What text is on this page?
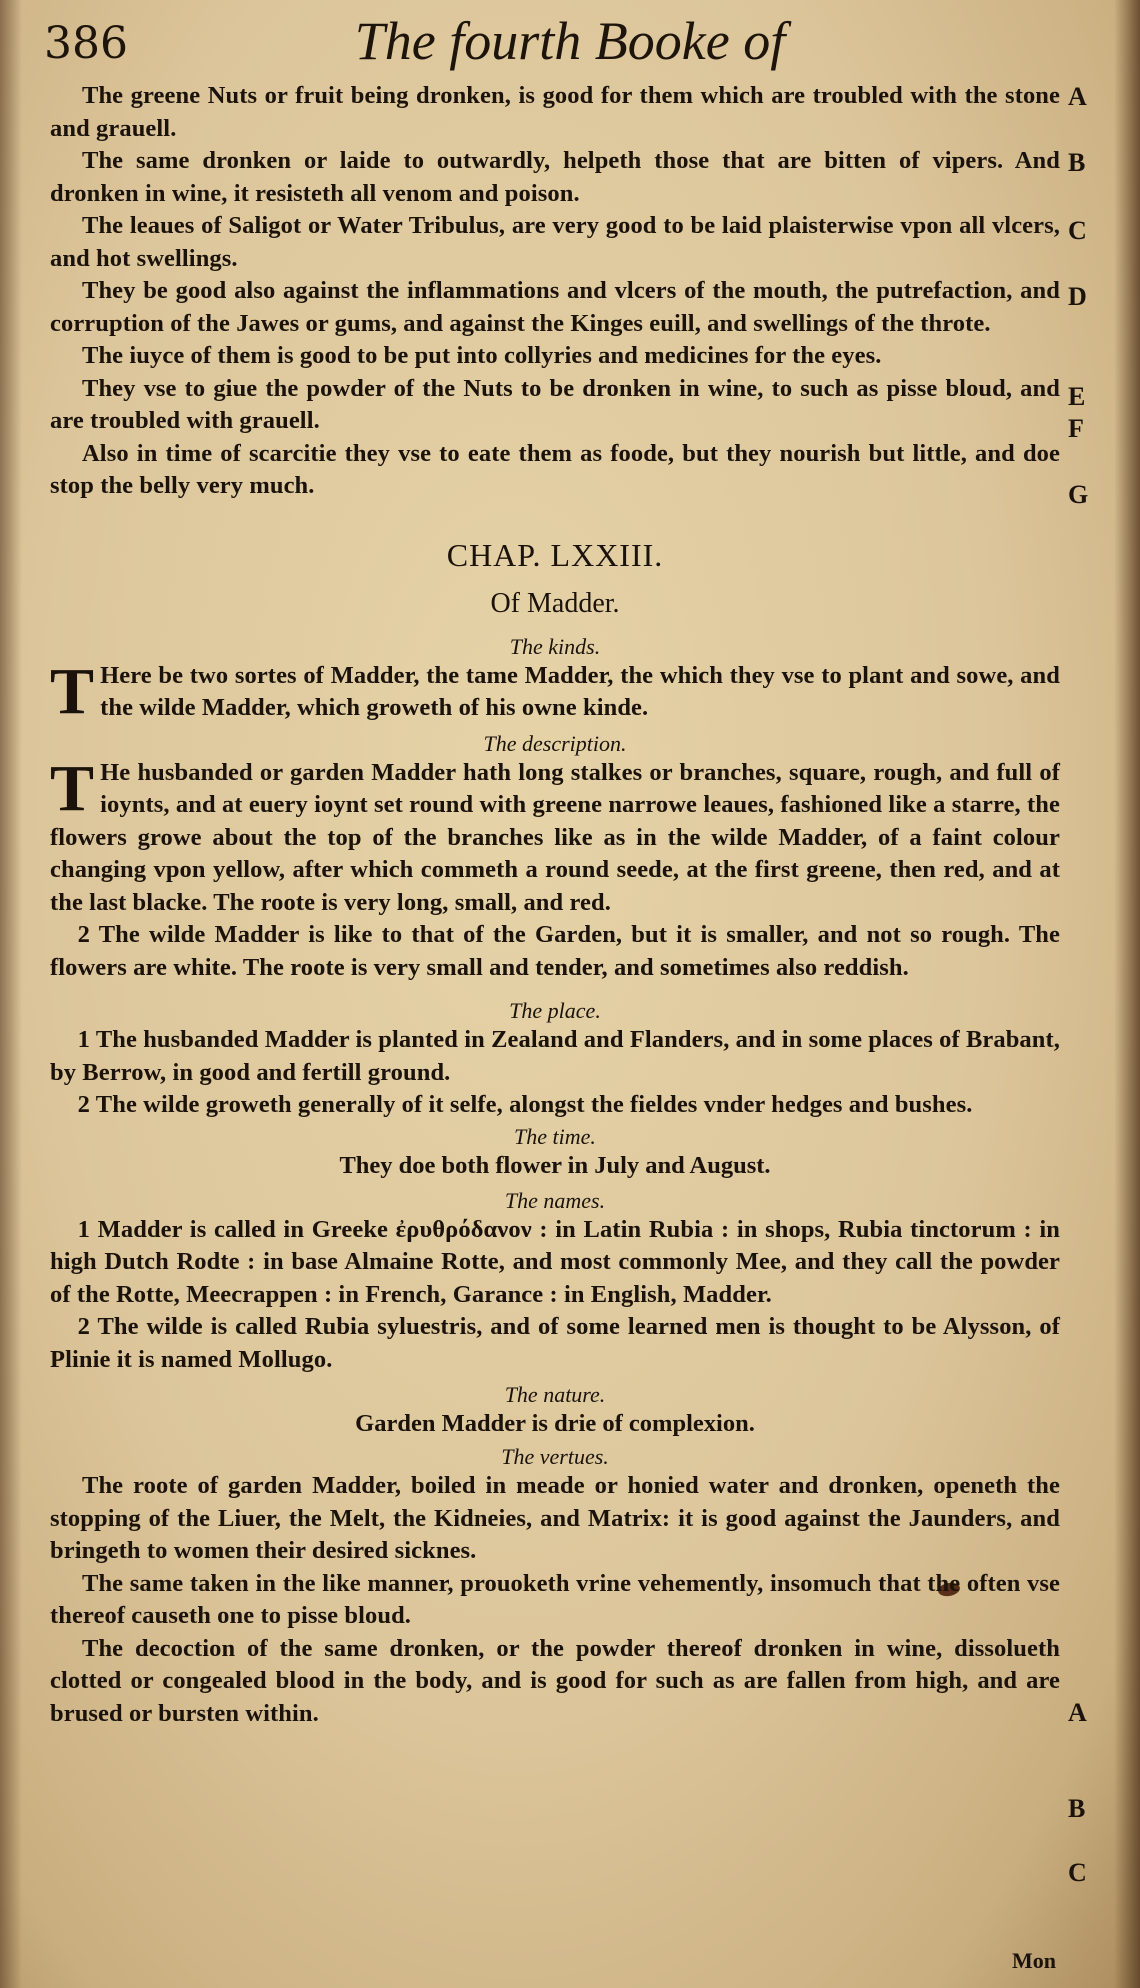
386	The fourth Booke of
A
B
C
D
E
F
G
A
B
C

The greene Nuts or fruit being dronken, is good for them which are troubled with the stone and grauell.

The same dronken or laide to outwardly, helpeth those that are bitten of vipers. And dronken in wine, it resisteth all venom and poison.

The leaues of Saligot or Water Tribulus, are very good to be laid plaisterwise vpon all vlcers, and hot swellings.

They be good also against the inflammations and vlcers of the mouth, the putrefaction, and corruption of the Jawes or gums, and against the Kinges euill, and swellings of the throte.

The iuyce of them is good to be put into collyries and medicines for the eyes.

They vse to giue the powder of the Nuts to be dronken in wine, to such as pisse bloud, and are troubled with grauell.

Also in time of scarcitie they vse to eate them as foode, but they nourish but little, and doe stop the belly very much.

CHAP. LXXIII.
Of Madder.
The kinds.

T Here be two sortes of Madder, the tame Madder, the which they vse to plant and sowe, and the wilde Madder, which groweth of his owne kinde.

The description.

T He husbanded or garden Madder hath long stalkes or branches, square, rough, and full of ioynts, and at euery ioynt set round with greene narrowe leaues, fashioned like a starre, the flowers growe about the top of the branches like as in the wilde Madder, of a faint colour changing vpon yellow, after which commeth a round seede, at the first greene, then red, and at the last blacke. The roote is very long, small, and red.

2 The wilde Madder is like to that of the Garden, but it is smaller, and not so rough. The flowers are white. The roote is very small and tender, and sometimes also reddish.

The place.

1 The husbanded Madder is planted in Zealand and Flanders, and in some places of Brabant, by Berrow, in good and fertill ground.

2 The wilde groweth generally of it selfe, alongst the fieldes vnder hedges and bushes.

The time.
They doe both flower in July and August.
The names.

1 Madder is called in Greeke ἐρυθρόδανον : in Latin Rubia : in shops, Rubia tinctorum : in high Dutch Rodte : in base Almaine Rotte, and most commonly Mee, and they call the powder of the Rotte, Meecrappen : in French, Garance : in English, Madder.

2 The wilde is called Rubia syluestris, and of some learned men is thought to be Alysson, of Plinie it is named Mollugo.

The nature.
Garden Madder is drie of complexion.
The vertues.

The roote of garden Madder, boiled in meade or honied water and dronken, openeth the stopping of the Liuer, the Melt, the Kidneies, and Matrix: it is good against the Jaunders, and bringeth to women their desired sicknes.

The same taken in the like manner, prouoketh vrine vehemently, insomuch that the often vse thereof causeth one to pisse bloud.

The decoction of the same dronken, or the powder thereof dronken in wine, dissolueth clotted or congealed blood in the body, and is good for such as are fallen from high, and are brused or bursten within.

Mon
